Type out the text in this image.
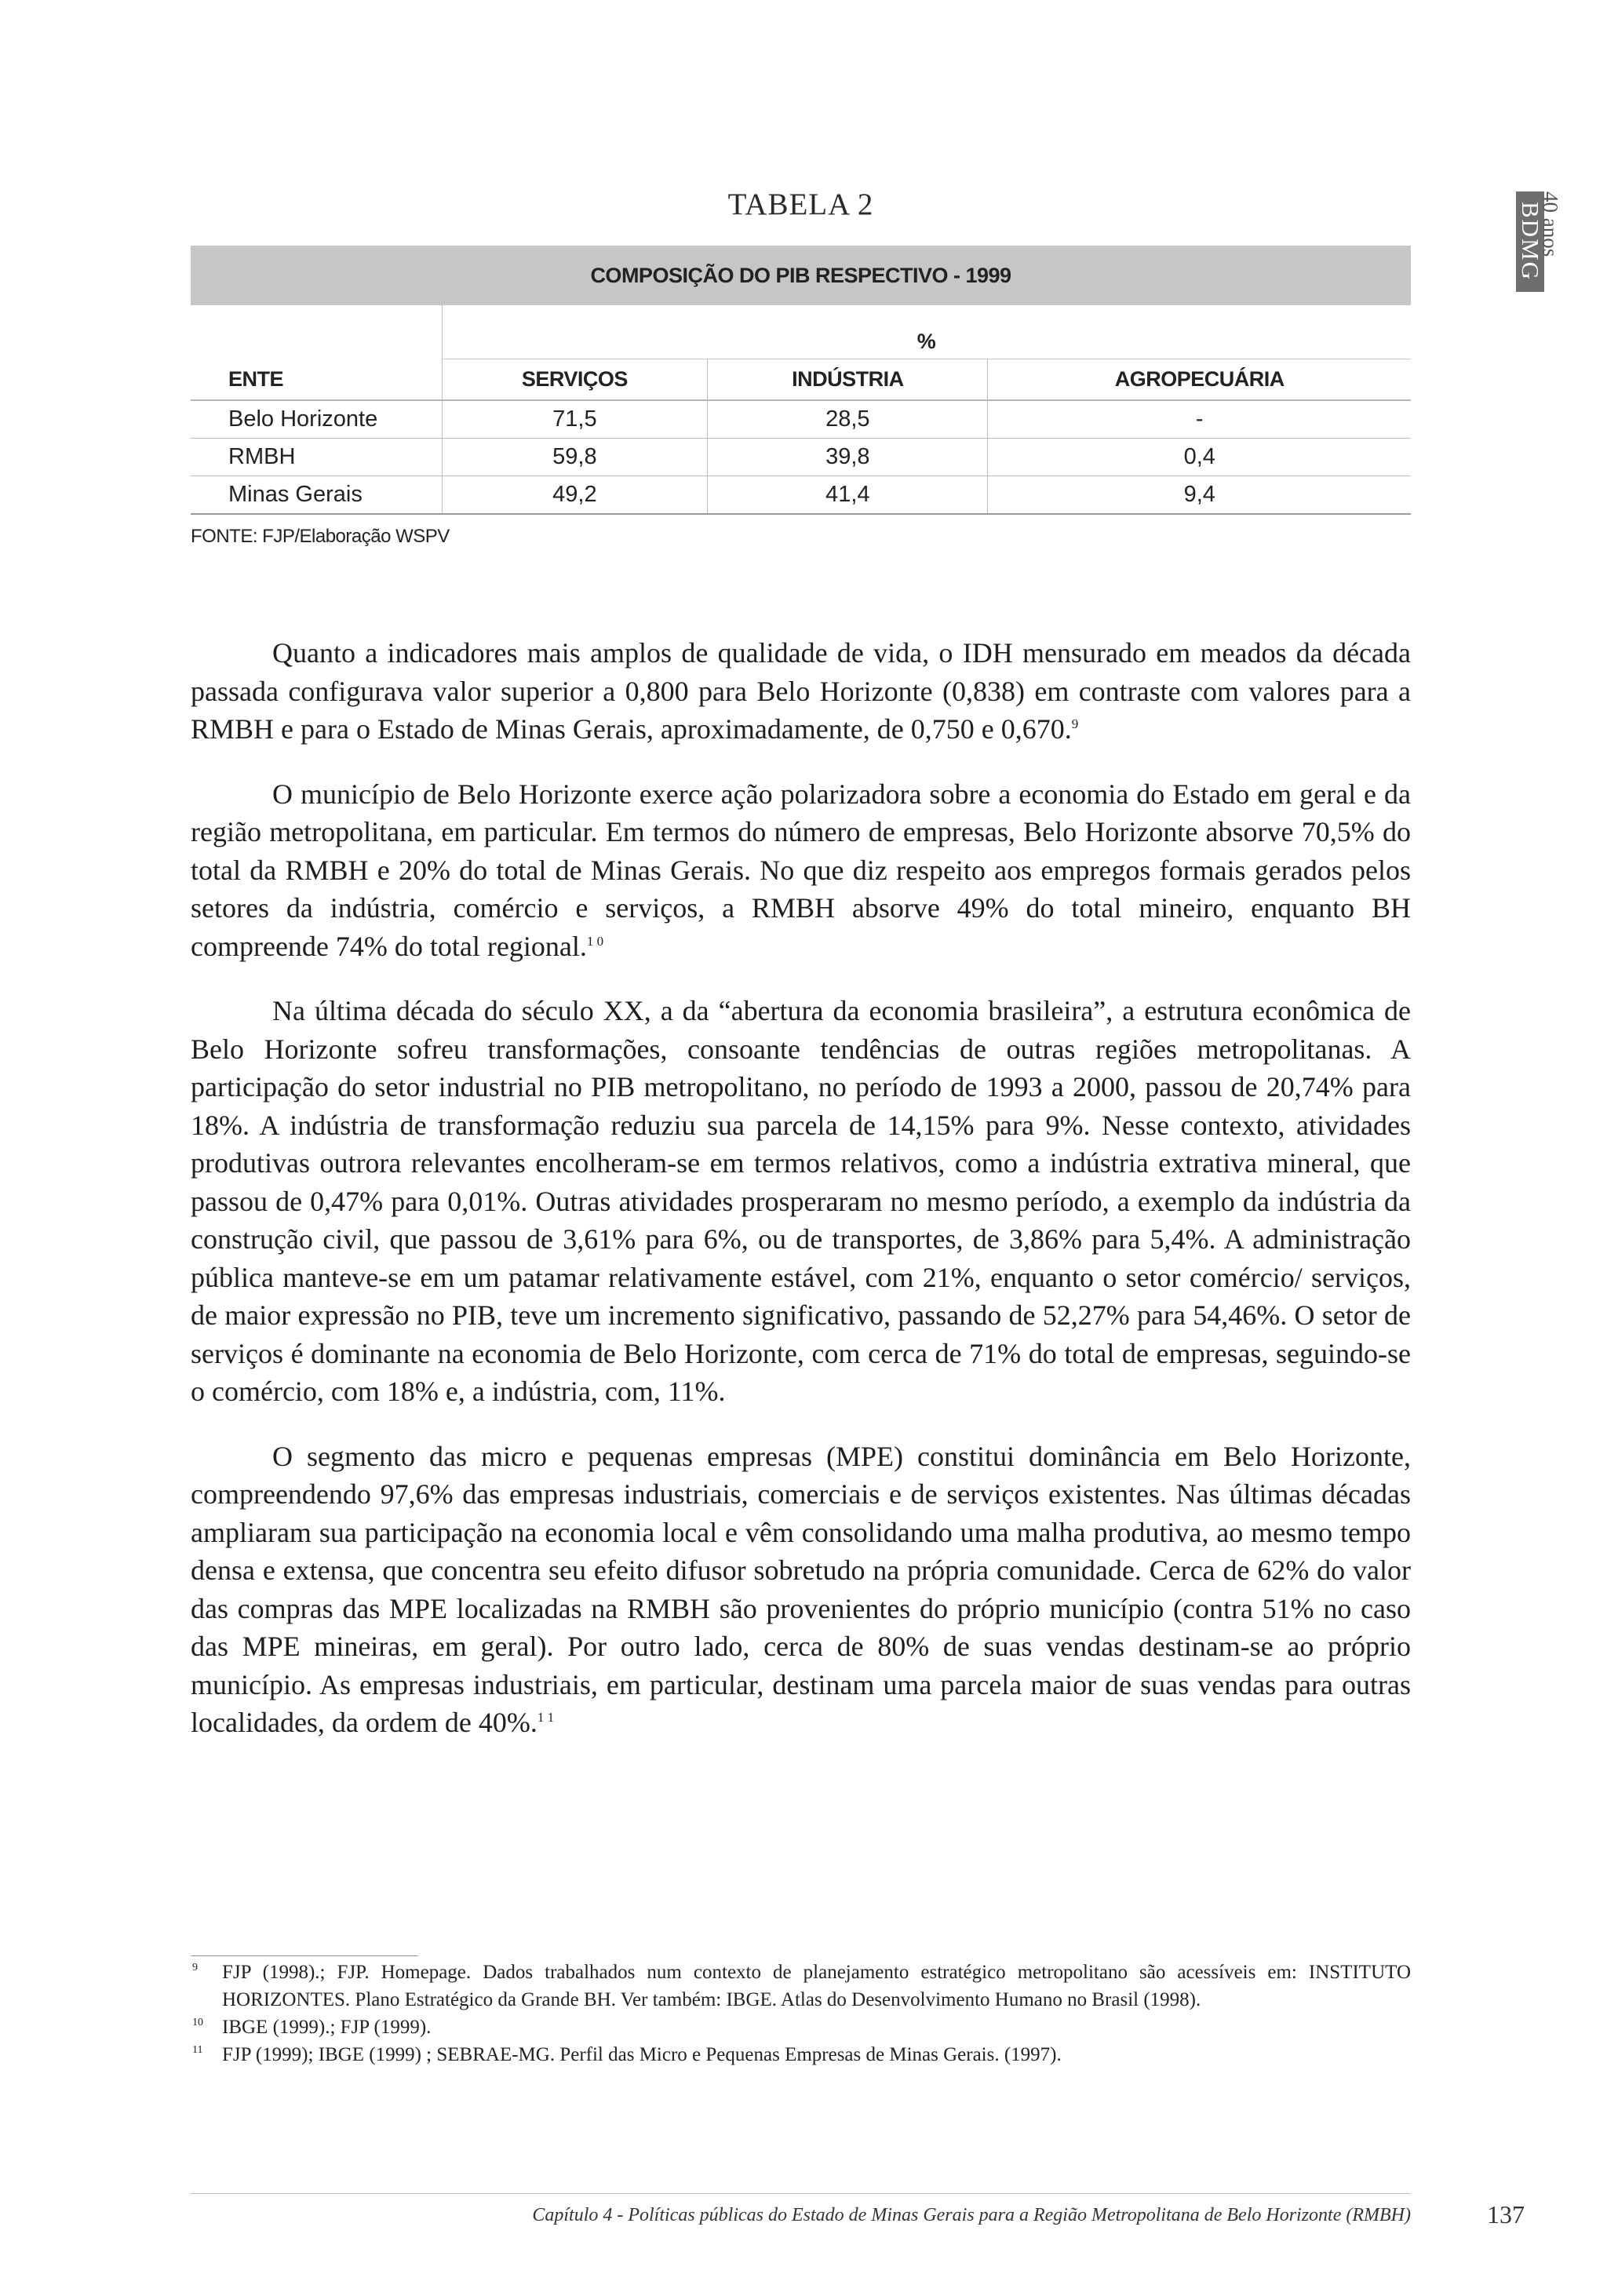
BDMG
40 anos
TABELA 2
COMPOSIÇÃO DO PIB RESPECTIVO - 1999
	%		
ENTE	SERVIÇOS	INDÚSTRIA	AGROPECUÁRIA
Belo Horizonte	71,5	28,5	-
RMBH	59,8	39,8	0,4
Minas Gerais	49,2	41,4	9,4
FONTE: FJP/Elaboração WSPV

Quanto a indicadores mais amplos de qualidade de vida, o IDH mensurado em meados da década passada configurava valor superior a 0,800 para Belo Horizonte (0,838) em contraste com valores para a RMBH e para o Estado de Minas Gerais, aproximadamente, de 0,750 e 0,670.$^9$

O município de Belo Horizonte exerce ação polarizadora sobre a economia do Estado em geral e da região metropolitana, em particular. Em termos do número de empresas, Belo Horizonte absorve 70,5% do total da RMBH e 20% do total de Minas Gerais. No que diz respeito aos empregos formais gerados pelos setores da indústria, comércio e serviços, a RMBH absorve 49% do total mineiro, enquanto BH compreende 74% do total regional.$^{1 0}$

Na última década do século XX, a da “abertura da economia brasileira”, a estrutura econômica de Belo Horizonte sofreu transformações, consoante tendências de outras regiões metropolitanas. A participação do setor industrial no PIB metropolitano, no período de 1993 a 2000, passou de 20,74% para 18%. A indústria de transformação reduziu sua parcela de 14,15% para 9%. Nesse contexto, atividades produtivas outrora relevantes encolheram-se em termos relativos, como a indústria extrativa mineral, que passou de 0,47% para 0,01%. Outras atividades prosperaram no mesmo período, a exemplo da indústria da construção civil, que passou de 3,61% para 6%, ou de transportes, de 3,86% para 5,4%. A administração pública manteve-se em um patamar relativamente estável, com 21%, enquanto o setor comércio/ serviços, de maior expressão no PIB, teve um incremento significativo, passando de 52,27% para 54,46%. O setor de serviços é dominante na economia de Belo Horizonte, com cerca de 71% do total de empresas, seguindo-se o comércio, com 18% e, a indústria, com, 11%.

O segmento das micro e pequenas empresas (MPE) constitui dominância em Belo Horizonte, compreendendo 97,6% das empresas industriais, comerciais e de serviços existentes. Nas últimas décadas ampliaram sua participação na economia local e vêm consolidando uma malha produtiva, ao mesmo tempo densa e extensa, que concentra seu efeito difusor sobretudo na própria comunidade. Cerca de 62% do valor das compras das MPE localizadas na RMBH são provenientes do próprio município (contra 51% no caso das MPE mineiras, em geral). Por outro lado, cerca de 80% de suas vendas destinam-se ao próprio município. As empresas industriais, em particular, destinam uma parcela maior de suas vendas para outras localidades, da ordem de 40%.$^{1 1}$

9 FJP (1998).; FJP. Homepage. Dados trabalhados num contexto de planejamento estratégico metropolitano são acessíveis em: INSTITUTO HORIZONTES. Plano Estratégico da Grande BH. Ver também: IBGE. Atlas do Desenvolvimento Humano no Brasil (1998).
10 IBGE (1999).; FJP (1999).
11 FJP (1999); IBGE (1999) ; SEBRAE-MG. Perfil das Micro e Pequenas Empresas de Minas Gerais. (1997).
Capítulo 4 - Políticas públicas do Estado de Minas Gerais para a Região Metropolitana de Belo Horizonte (RMBH)	137
